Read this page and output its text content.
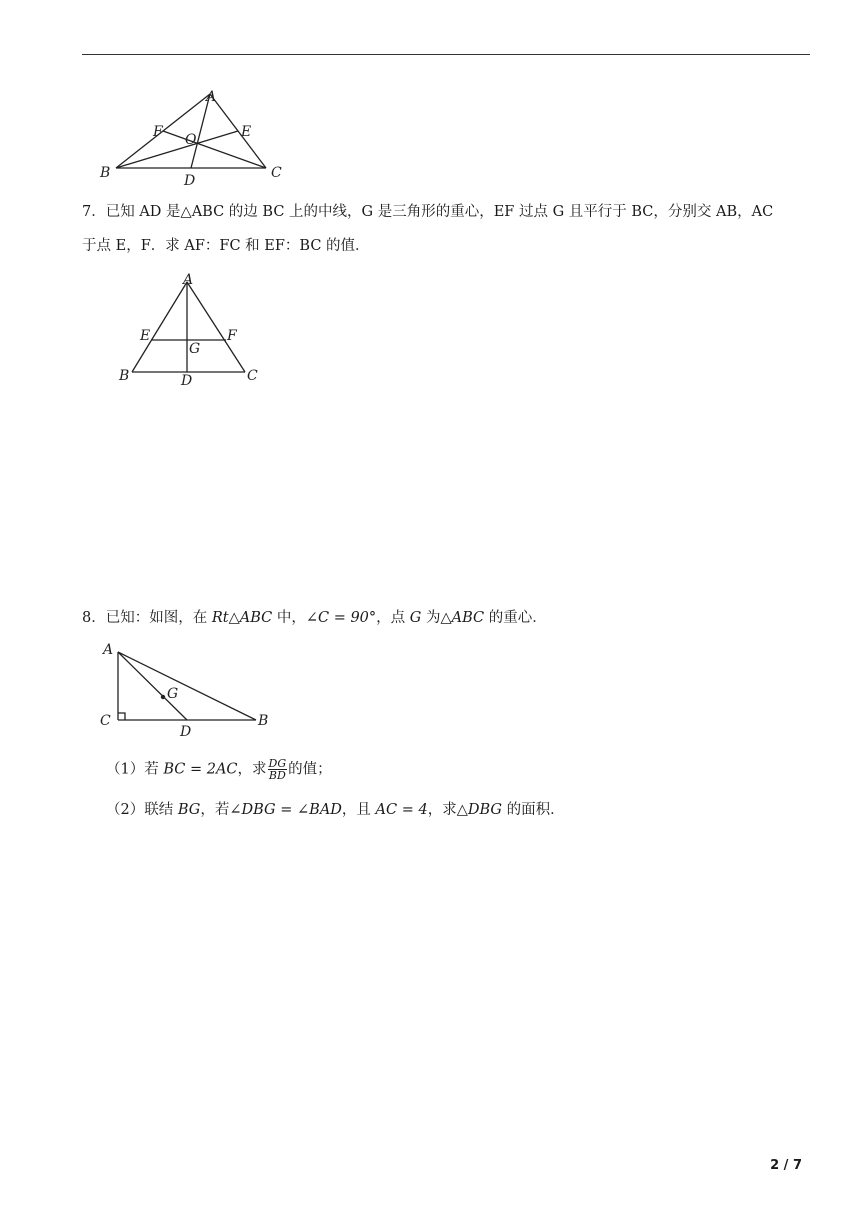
A
B	C
D
E
F O
7．已知 AD 是△ABC 的边 BC 上的中线，G 是三角形的重心，EF 过点 G 且平行于 BC，分别交 AB，AC
于点 E，F．求 AF：FC 和 EF：BC 的值．
A
B	C
D
E	F
G
8．已知：如图，在 Rt△ABC 中，∠C = 90°，点 G 为△ABC 的重心．
A
B
C
D
G
（1）若 BC = 2AC，求 $\frac{DG}{BD}$ 的值；
（2）联结 BG，若∠DBG = ∠BAD，且 AC = 4，求△DBG 的面积．
2 / 7
